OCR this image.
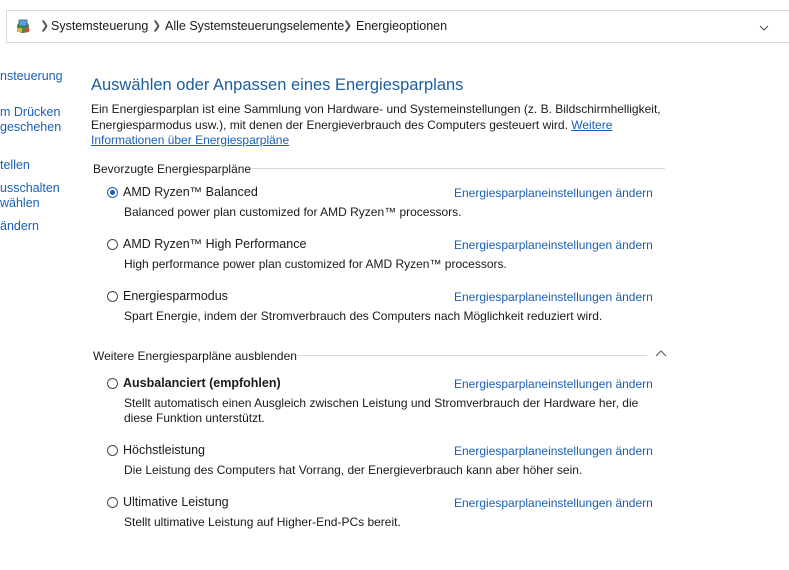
❯ Systemsteuerung ❯ Alle Systemsteuerungselemente
❯ Energieoptionen
nsteuerung
m Drücken
geschehen
tellen
usschalten
wählen
ändern
Auswählen oder Anpassen eines Energiesparplans
Ein Energiesparplan ist eine Sammlung von Hardware- und Systemeinstellungen (z. B. Bildschirmhelligkeit, Energiesparmodus usw.), mit denen der Energieverbrauch des Computers gesteuert wird. Weitere Informationen über Energiesparpläne
Bevorzugte Energiesparpläne
AMD Ryzen™ Balanced	Energiesparplaneinstellungen ändern
Balanced power plan customized for AMD Ryzen™ processors.
AMD Ryzen™ High Performance	Energiesparplaneinstellungen ändern
High performance power plan customized for AMD Ryzen™ processors.
Energiesparmodus	Energiesparplaneinstellungen ändern
Spart Energie, indem der Stromverbrauch des Computers nach Möglichkeit reduziert wird.
Weitere Energiesparpläne ausblenden
Ausbalanciert (empfohlen)	Energiesparplaneinstellungen ändern
Stellt automatisch einen Ausgleich zwischen Leistung und Stromverbrauch der Hardware her, die diese Funktion unterstützt.
Höchstleistung	Energiesparplaneinstellungen ändern
Die Leistung des Computers hat Vorrang, der Energieverbrauch kann aber höher sein.
Ultimative Leistung	Energiesparplaneinstellungen ändern
Stellt ultimative Leistung auf Higher-End-PCs bereit.
